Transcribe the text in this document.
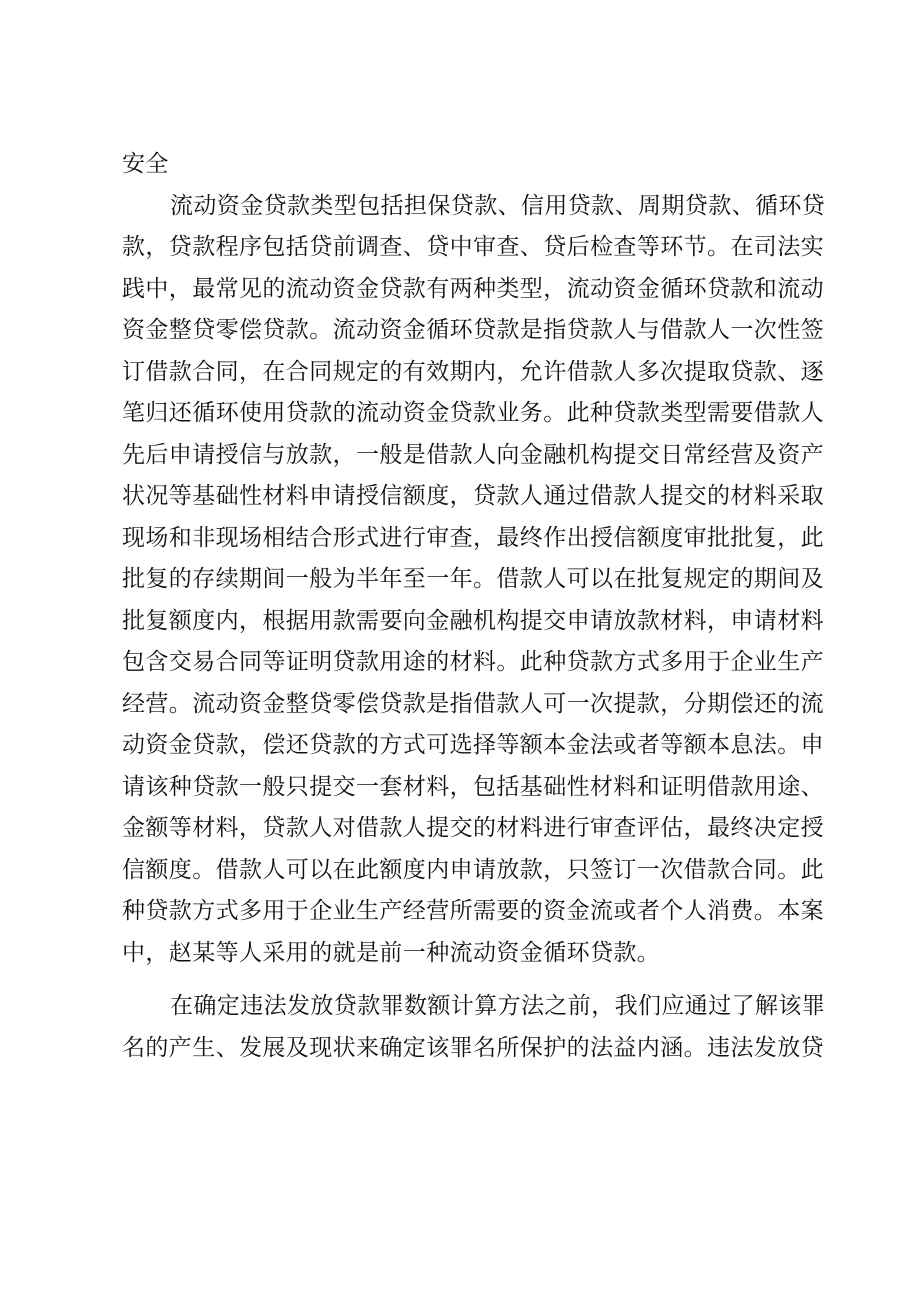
安全
流动资金贷款类型包括担保贷款、信用贷款、周期贷款、循环贷
款，贷款程序包括贷前调查、贷中审查、贷后检查等环节。在司法实
践中，最常见的流动资金贷款有两种类型，流动资金循环贷款和流动
资金整贷零偿贷款。流动资金循环贷款是指贷款人与借款人一次性签
订借款合同，在合同规定的有效期内，允许借款人多次提取贷款、逐
笔归还循环使用贷款的流动资金贷款业务。此种贷款类型需要借款人
先后申请授信与放款，一般是借款人向金融机构提交日常经营及资产
状况等基础性材料申请授信额度，贷款人通过借款人提交的材料采取
现场和非现场相结合形式进行审查，最终作出授信额度审批批复，此
批复的存续期间一般为半年至一年。借款人可以在批复规定的期间及
批复额度内，根据用款需要向金融机构提交申请放款材料，申请材料
包含交易合同等证明贷款用途的材料。此种贷款方式多用于企业生产
经营。流动资金整贷零偿贷款是指借款人可一次提款，分期偿还的流
动资金贷款，偿还贷款的方式可选择等额本金法或者等额本息法。申
请该种贷款一般只提交一套材料，包括基础性材料和证明借款用途、
金额等材料，贷款人对借款人提交的材料进行审查评估，最终决定授
信额度。借款人可以在此额度内申请放款，只签订一次借款合同。此
种贷款方式多用于企业生产经营所需要的资金流或者个人消费。本案
中，赵某等人采用的就是前一种流动资金循环贷款。
在确定违法发放贷款罪数额计算方法之前，我们应通过了解该罪
名的产生、发展及现状来确定该罪名所保护的法益内涵。违法发放贷
